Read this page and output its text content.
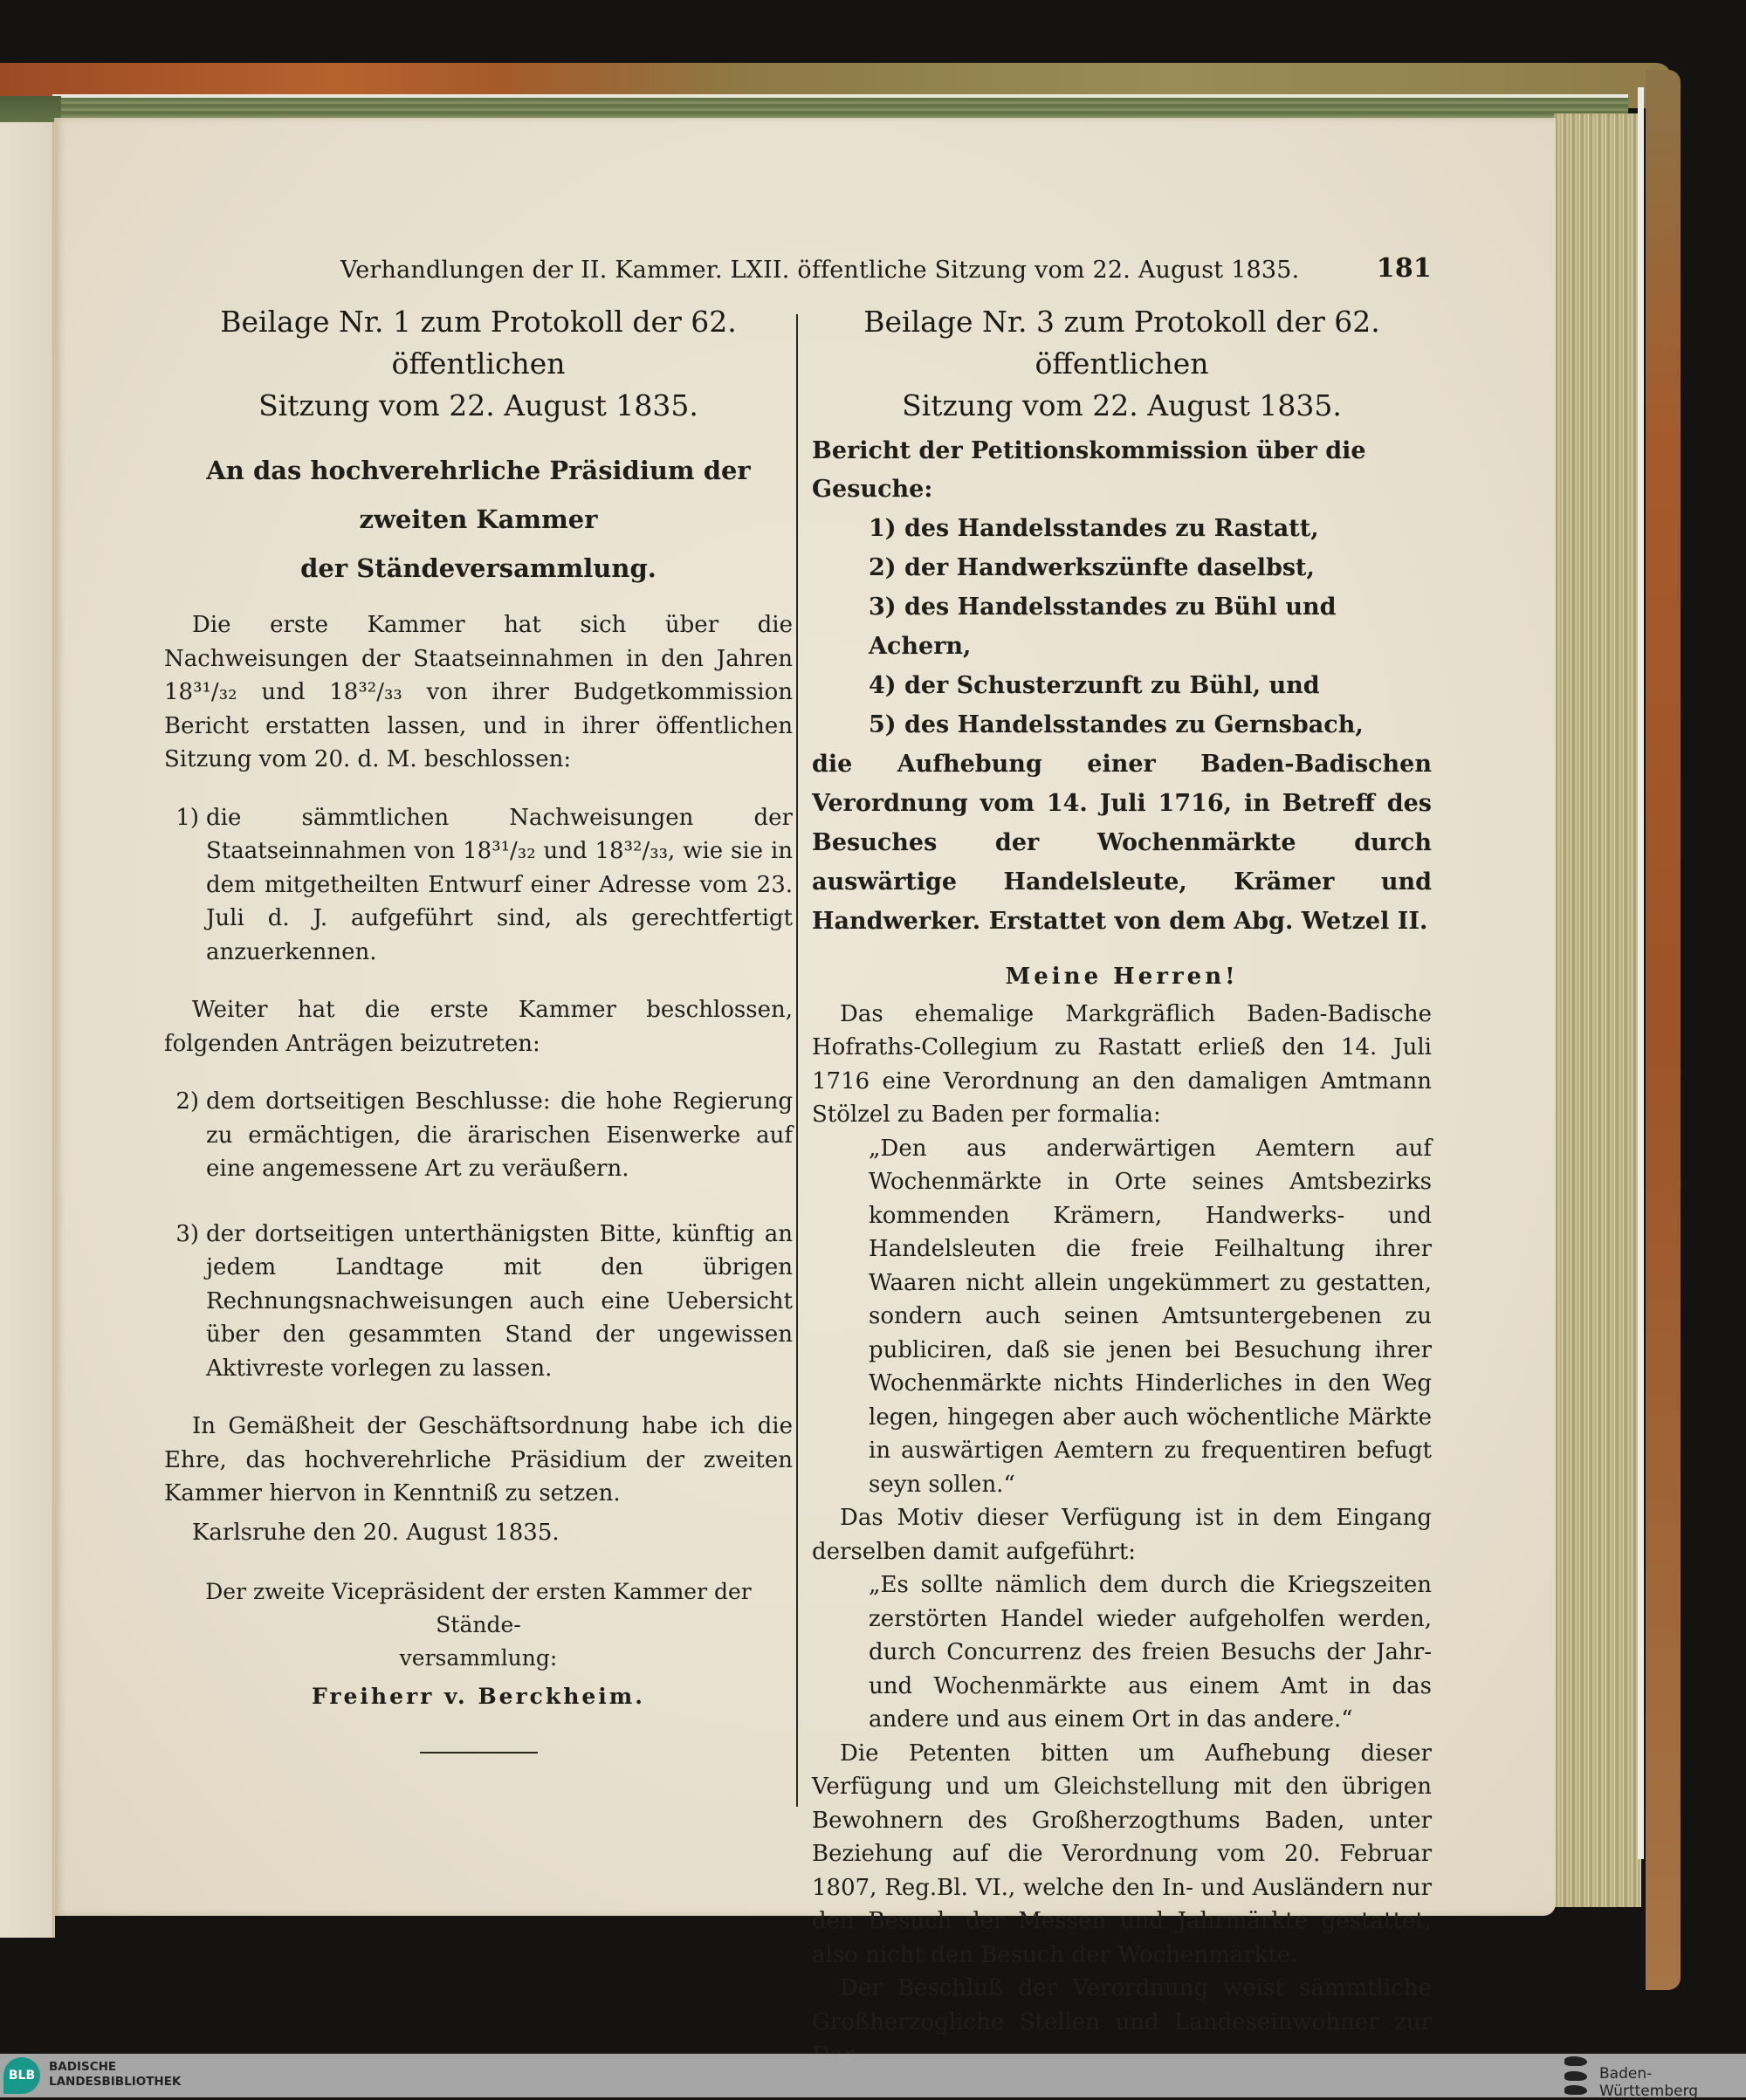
Verhandlungen der II. Kammer. LXII. öffentliche Sitzung vom 22. August 1835.	181
Beilage Nr. 1 zum Protokoll der 62. öffentlichen
Sitzung vom 22. August 1835.
An das hochverehrliche Präsidium der zweiten Kammer
der Ständeversammlung.

Die erste Kammer hat sich über die Nachweisungen der Staatseinnahmen in den Jahren 18³¹/₃₂ und 18³²/₃₃ von ihrer Budgetkommission Bericht erstatten lassen, und in ihrer öffentlichen Sitzung vom 20. d. M. beschlossen:

1) die sämmtlichen Nachweisungen der Staatseinnahmen von 18³¹/₃₂ und 18³²/₃₃, wie sie in dem mitgetheilten Entwurf einer Adresse vom 23. Juli d. J. aufgeführt sind, als gerechtfertigt anzuerkennen.

Weiter hat die erste Kammer beschlossen, folgenden Anträgen beizutreten:

2) dem dortseitigen Beschlusse: die hohe Regierung zu ermächtigen, die ärarischen Eisenwerke auf eine angemessene Art zu veräußern.
3) der dortseitigen unterthänigsten Bitte, künftig an jedem Landtage mit den übrigen Rechnungsnachweisungen auch eine Uebersicht über den gesammten Stand der ungewissen Aktivreste vorlegen zu lassen.

In Gemäßheit der Geschäftsordnung habe ich die Ehre, das hochverehrliche Präsidium der zweiten Kammer hiervon in Kenntniß zu setzen.

Karlsruhe den 20. August 1835.

Der zweite Vicepräsident der ersten Kammer der Stände-
versammlung:
Freiherr v. Berckheim.
Beilage Nr. 3 zum Protokoll der 62. öffentlichen
Sitzung vom 22. August 1835.
Bericht der Petitionskommission über die Gesuche:
1) des Handelsstandes zu Rastatt,
2) der Handwerkszünfte daselbst,
3) des Handelsstandes zu Bühl und Achern,
4) der Schusterzunft zu Bühl, und
5) des Handelsstandes zu Gernsbach,

die Aufhebung einer Baden-Badischen Verordnung vom 14. Juli 1716, in Betreff des Besuches der Wochenmärkte durch auswärtige Handelsleute, Krämer und Handwerker. Erstattet von dem Abg. Wetzel II.

Meine Herren!

Das ehemalige Markgräflich Baden-Badische Hofraths-Collegium zu Rastatt erließ den 14. Juli 1716 eine Verordnung an den damaligen Amtmann Stölzel zu Baden per formalia:

„Den aus anderwärtigen Aemtern auf Wochenmärkte in Orte seines Amtsbezirks kommenden Krämern, Handwerks- und Handelsleuten die freie Feilhaltung ihrer Waaren nicht allein ungekümmert zu gestatten, sondern auch seinen Amtsuntergebenen zu publiciren, daß sie jenen bei Besuchung ihrer Wochenmärkte nichts Hinderliches in den Weg legen, hingegen aber auch wöchentliche Märkte in auswärtigen Aemtern zu frequentiren befugt seyn sollen.“

Das Motiv dieser Verfügung ist in dem Eingang derselben damit aufgeführt:

„Es sollte nämlich dem durch die Kriegszeiten zerstörten Handel wieder aufgeholfen werden, durch Concurrenz des freien Besuchs der Jahr- und Wochenmärkte aus einem Amt in das andere und aus einem Ort in das andere.“

Die Petenten bitten um Aufhebung dieser Verfügung und um Gleichstellung mit den übrigen Bewohnern des Großherzogthums Baden, unter Beziehung auf die Verordnung vom 20. Februar 1807, Reg.Bl. VI., welche den In- und Ausländern nur den Besuch der Messen und Jahrmärkte gestattet, also nicht den Besuch der Wochenmärkte.

Der Beschluß der Verordnung weist sämmtliche Großherzogliche Stellen und Landeseinwohner zur

BLB
BADISCHE
LANDESBIBLIOTHEK	Baden-Württemberg
